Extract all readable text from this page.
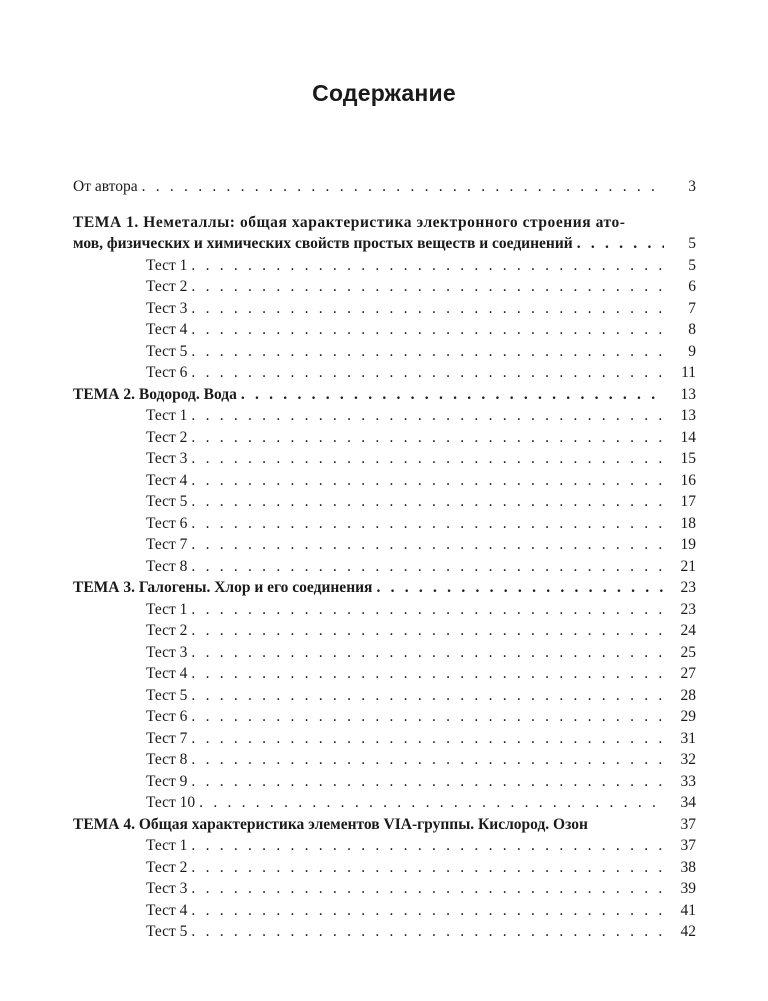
Содержание
От автора . . .	3
ТЕМА 1. Неметаллы: общая характеристика электронного строения ато-
мов, физических и химических свойств простых веществ и соединений . . .	5
Тест 1 . . .	5
Тест 2 . . .	6
Тест 3 . . .	7
Тест 4 . . .	8
Тест 5 . . .	9
Тест 6 . . .	11
ТЕМА 2. Водород. Вода . . .	13
Тест 1 . . .	13
Тест 2 . . .	14
Тест 3 . . .	15
Тест 4 . . .	16
Тест 5 . . .	17
Тест 6 . . .	18
Тест 7 . . .	19
Тест 8 . . .	21
ТЕМА 3. Галогены. Хлор и его соединения . . .	23
Тест 1 . . .	23
Тест 2 . . .	24
Тест 3 . . .	25
Тест 4 . . .	27
Тест 5 . . .	28
Тест 6 . . .	29
Тест 7 . . .	31
Тест 8 . . .	32
Тест 9 . . .	33
Тест 10 . . .	34
ТЕМА 4. Общая характеристика элементов VIA-группы. Кислород. Озон	37
Тест 1 . . .	37
Тест 2 . . .	38
Тест 3 . . .	39
Тест 4 . . .	41
Тест 5 . . .	42
